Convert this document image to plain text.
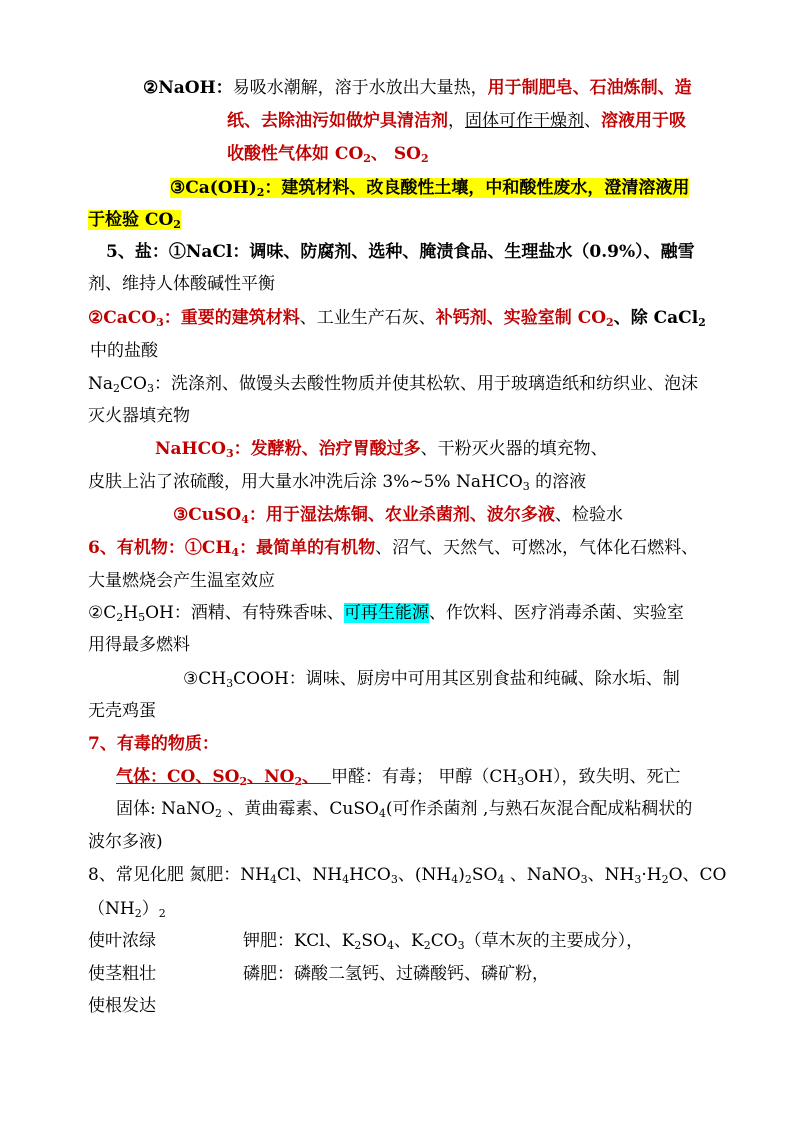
②NaOH：易吸水潮解，溶于水放出大量热，用于制肥皂、石油炼制、造
纸、去除油污如做炉具清洁剂，固体可作干燥剂、溶液用于吸
收酸性气体如 $CO_2$、 $SO_2$
$③Ca(OH)_2$：建筑材料、改良酸性土壤，中和酸性废水，澄清溶液用
于检验 $CO_2$
5、盐：①NaCl：调味、防腐剂、选种、腌渍食品、生理盐水（0.9%）、融雪
剂、维持人体酸碱性平衡
②CaCO$_3$：重要的建筑材料、工业生产石灰、补钙剂、实验室制 $CO_2$、除 CaCl$_2$
中的盐酸
$Na_2CO_3$：洗涤剂、做馒头去酸性物质并使其松软、用于玻璃造纸和纺织业、泡沫
灭火器填充物
NaHCO$_3$：发酵粉、治疗胃酸过多、干粉灭火器的填充物、
皮肤上沾了浓硫酸，用大量水冲洗后涂 3%~5% NaHCO$_3$ 的溶液
③CuSO$_4$：用于湿法炼铜、农业杀菌剂、波尔多液、检验水
6、有机物：$①CH_4$：最简单的有机物、沼气、天然气、可燃冰，气体化石燃料、
大量燃烧会产生温室效应
$②C_2H_5OH$：酒精、有特殊香味、可再生能源、作饮料、医疗消毒杀菌、实验室
用得最多燃料
$③CH_3COOH$：调味、厨房中可用其区别食盐和纯碱、除水垢、制
无壳鸡蛋
7、有毒的物质：
气体：CO、$SO_2$、$NO_2$、  甲醛：有毒； 甲醇$(CH_3OH)$，致失明、死亡
固体: NaNO$_2$ 、黄曲霉素、CuSO$_4$(可作杀菌剂 ,与熟石灰混合配成粘稠状的
波尔多液)
8、常见化肥 氮肥：$NH_4Cl$、$NH_4HCO_3$、$(NH_4)_2SO_4$ 、NaNO$_3$、$NH_3\cdot H_2O$、CO
$(NH_2)_2$
使叶浓绿	钾肥：KCl、$K_2SO_4$、$K_2CO_3$（草木灰的主要成分），
使茎粗壮	磷肥：磷酸二氢钙、过磷酸钙、磷矿粉，
使根发达
